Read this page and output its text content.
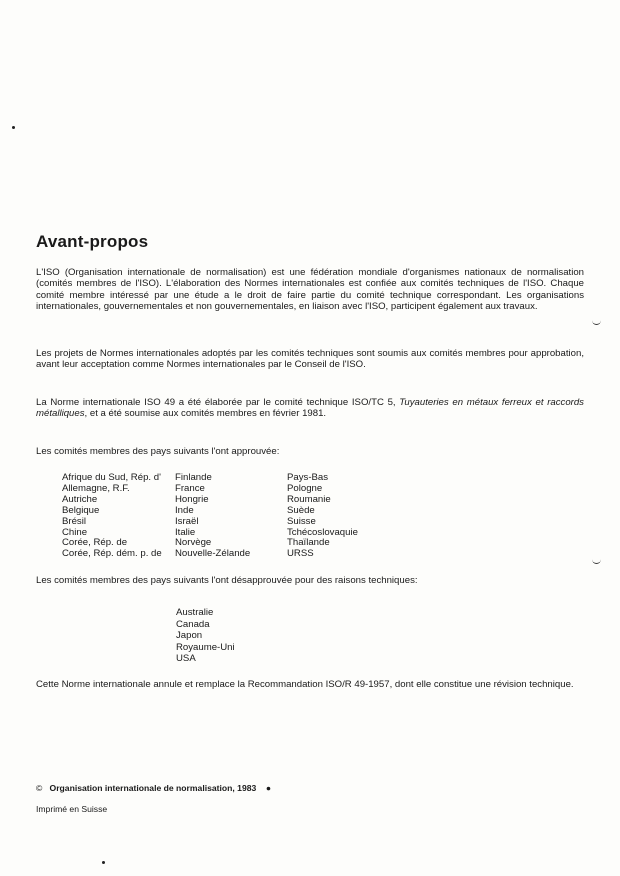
Avant-propos

L'ISO (Organisation internationale de normalisation) est une fédération mondiale d'organismes nationaux de normalisation (comités membres de l'ISO). L'élaboration des Normes internationales est confiée aux comités techniques de l'ISO. Chaque comité membre intéressé par une étude a le droit de faire partie du comité technique correspondant. Les organisations internationales, gouvernementales et non gouvernementales, en liaison avec l'ISO, participent également aux travaux.

Les projets de Normes internationales adoptés par les comités techniques sont soumis aux comités membres pour approbation, avant leur acceptation comme Normes internationales par le Conseil de l'ISO.

La Norme internationale ISO 49 a été élaborée par le comité technique ISO/TC 5, Tuyauteries en métaux ferreux et raccords métalliques, et a été soumise aux comités membres en février 1981.

Les comités membres des pays suivants l'ont approuvée:

Afrique du Sud, Rép. d'
Allemagne, R.F.
Autriche
Belgique
Brésil
Chine
Corée, Rép. de
Corée, Rép. dém. p. de
Finlande
France
Hongrie
Inde
Israël
Italie
Norvège
Nouvelle-Zélande
Pays-Bas
Pologne
Roumanie
Suède
Suisse
Tchécoslovaquie
Thaïlande
URSS

Les comités membres des pays suivants l'ont désapprouvée pour des raisons techniques:

Australie
Canada
Japon
Royaume-Uni
USA

Cette Norme internationale annule et remplace la Recommandation ISO/R 49-1957, dont elle constitue une révision technique.

© Organisation internationale de normalisation, 1983 ●
Imprimé en Suisse
